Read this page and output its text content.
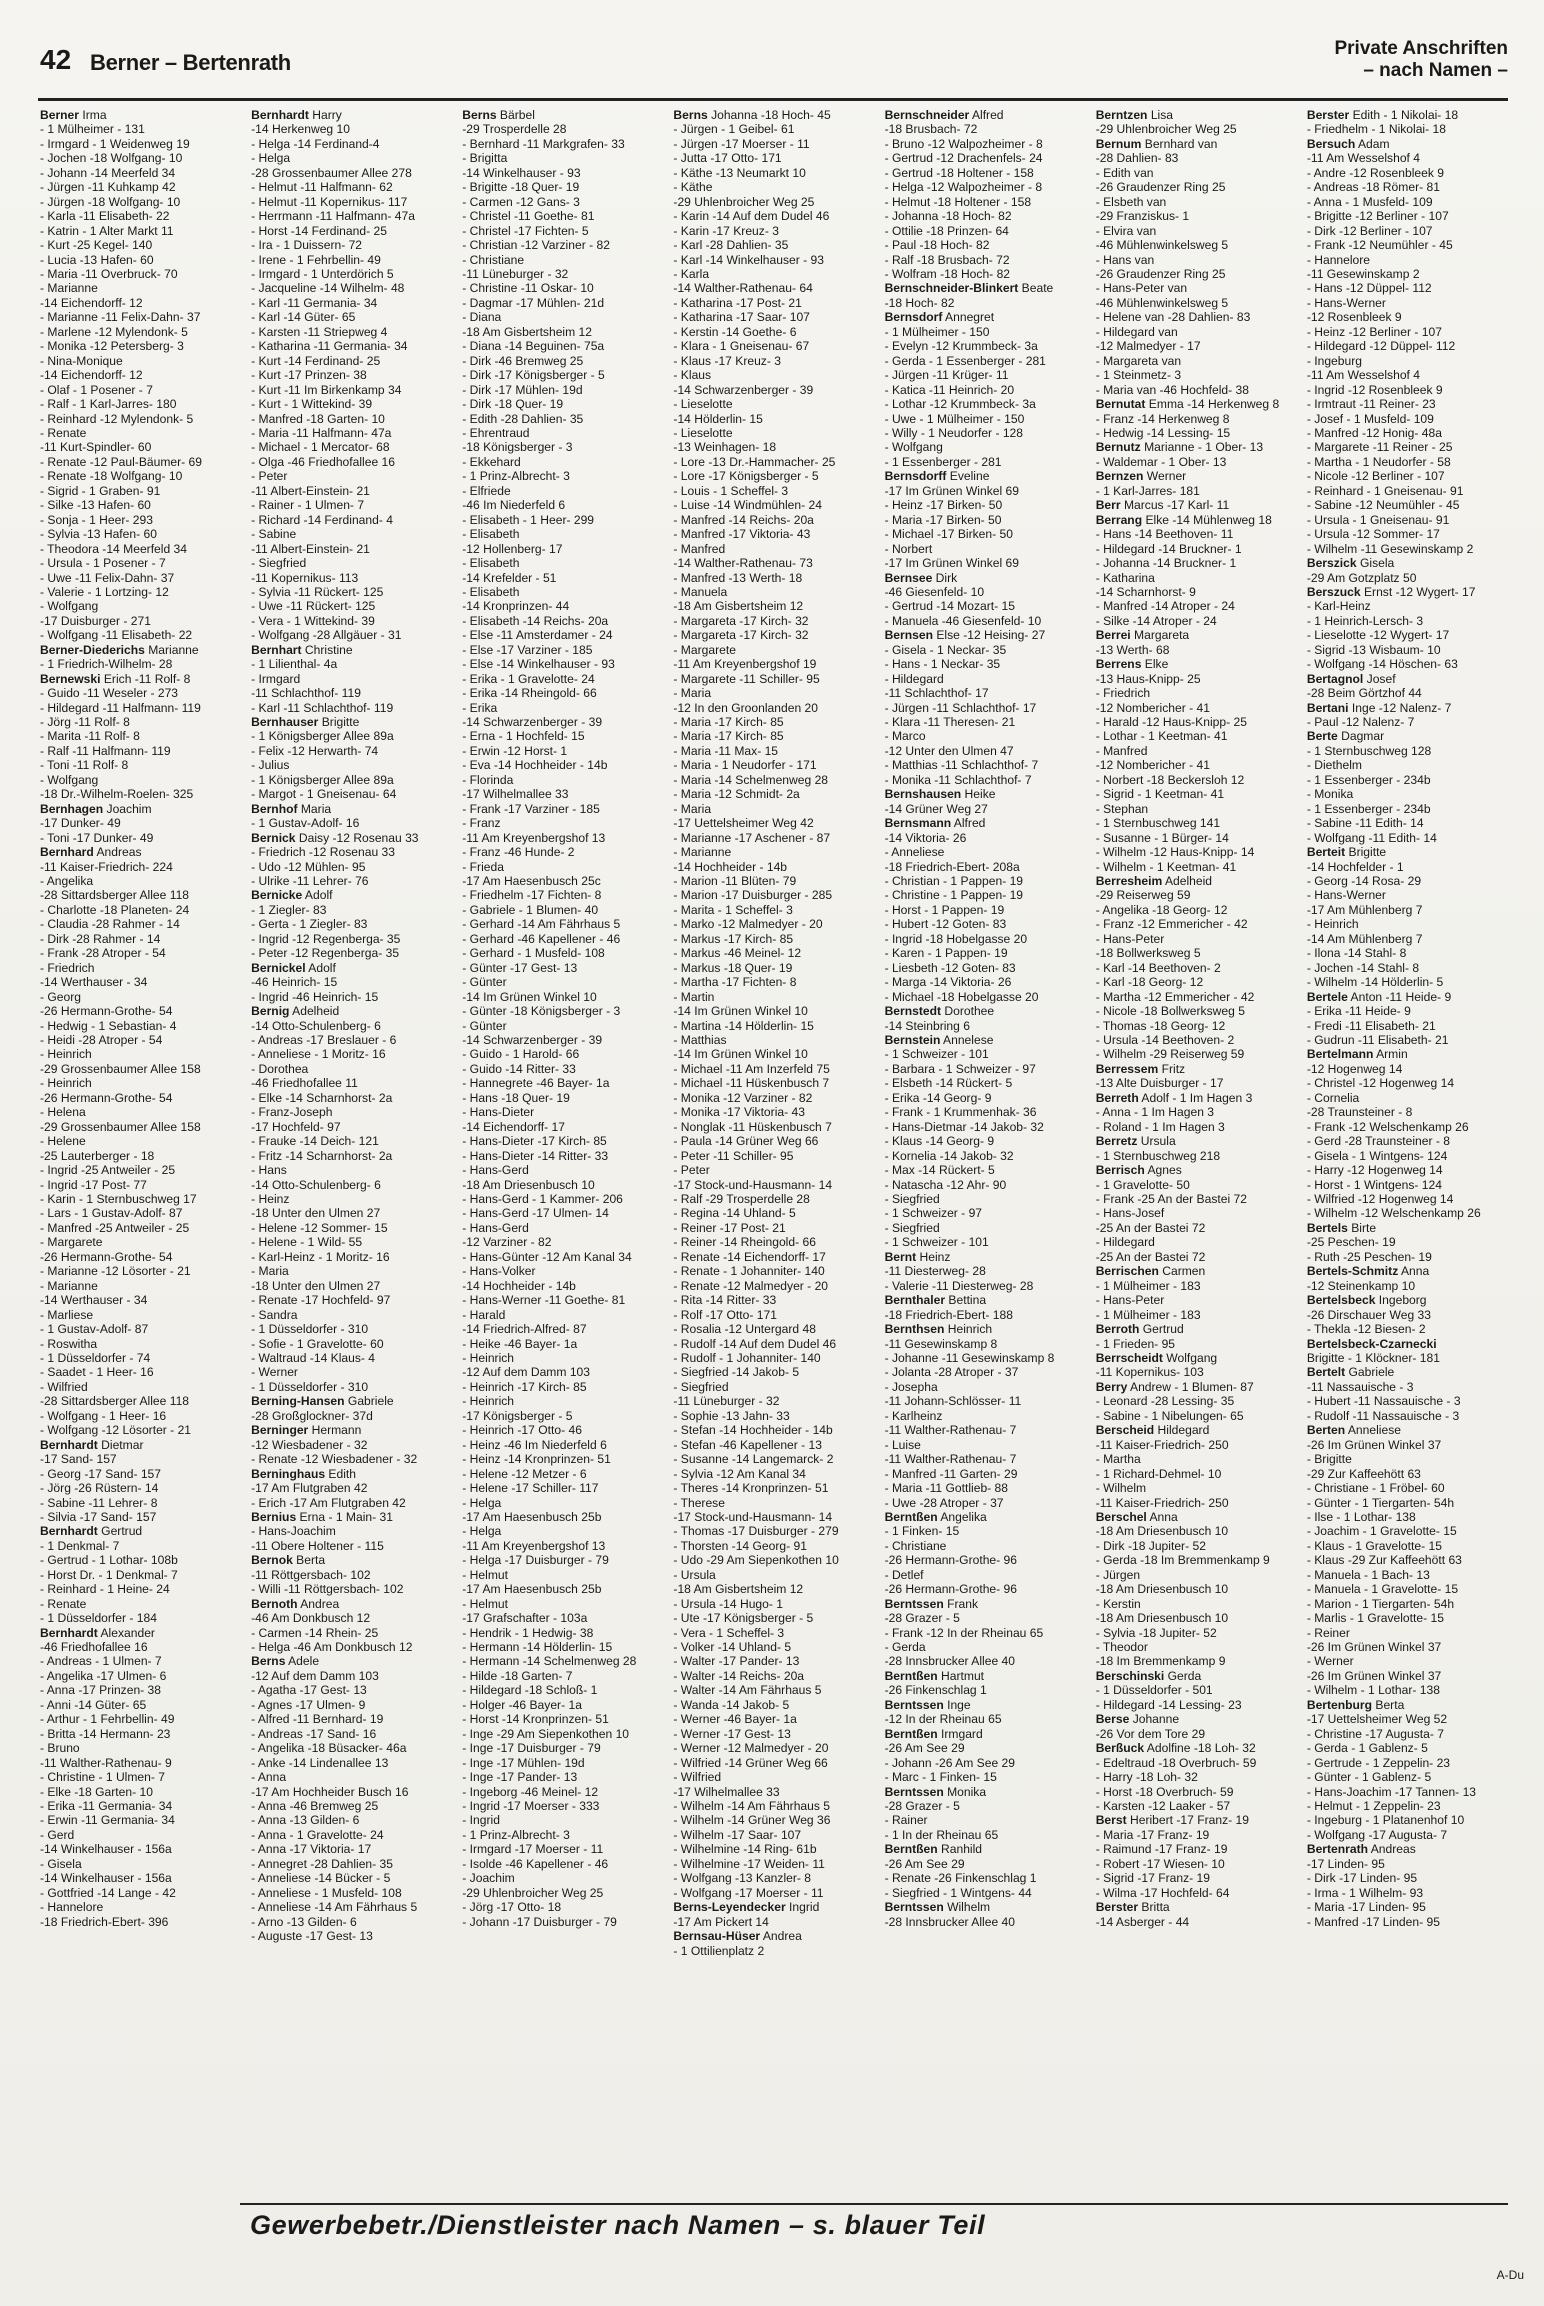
42 Berner – Bertenrath
Private Anschriften
– nach Namen –
Berner Irma
- 1 Mülheimer - 131
- Irmgard - 1 Weidenweg 19
- Jochen -18 Wolfgang- 10
- Johann -14 Meerfeld 34
- Jürgen -11 Kuhkamp 42
- Jürgen -18 Wolfgang- 10
- Karla -11 Elisabeth- 22
- Katrin - 1 Alter Markt 11
- Kurt -25 Kegel- 140
- Lucia -13 Hafen- 60
- Maria -11 Overbruck- 70
- Marianne
-14 Eichendorff- 12
- Marianne -11 Felix-Dahn- 37
- Marlene -12 Mylendonk- 5
- Monika -12 Petersberg- 3
- Nina-Monique
-14 Eichendorff- 12
- Olaf - 1 Posener - 7
- Ralf - 1 Karl-Jarres- 180
- Reinhard -12 Mylendonk- 5
- Renate
-11 Kurt-Spindler- 60
- Renate -12 Paul-Bäumer- 69
- Renate -18 Wolfgang- 10
- Sigrid - 1 Graben- 91
- Silke -13 Hafen- 60
- Sonja - 1 Heer- 293
- Sylvia -13 Hafen- 60
- Theodora -14 Meerfeld 34
- Ursula - 1 Posener - 7
- Uwe -11 Felix-Dahn- 37
- Valerie - 1 Lortzing- 12
- Wolfgang
-17 Duisburger - 271
- Wolfgang -11 Elisabeth- 22
Berner-Diederichs Marianne
- 1 Friedrich-Wilhelm- 28
Bernewski Erich -11 Rolf- 8
- Guido -11 Weseler - 273
- Hildegard -11 Halfmann- 119
- Jörg -11 Rolf- 8
- Marita -11 Rolf- 8
- Ralf -11 Halfmann- 119
- Toni -11 Rolf- 8
- Wolfgang
-18 Dr.-Wilhelm-Roelen- 325
Bernhagen Joachim
-17 Dunker- 49
- Toni -17 Dunker- 49
Bernhard Andreas
-11 Kaiser-Friedrich- 224
- Angelika
-28 Sittardsberger Allee 118
- Charlotte -18 Planeten- 24
- Claudia -28 Rahmer - 14
- Dirk -28 Rahmer - 14
- Frank -28 Atroper - 54
- Friedrich
-14 Werthauser - 34
- Georg
-26 Hermann-Grothe- 54
- Hedwig - 1 Sebastian- 4
- Heidi -28 Atroper - 54
- Heinrich
-29 Grossenbaumer Allee 158
- Heinrich
-26 Hermann-Grothe- 54
- Helena
-29 Grossenbaumer Allee 158
- Helene
-25 Lauterberger - 18
- Ingrid -25 Antweiler - 25
- Ingrid -17 Post- 77
- Karin - 1 Sternbuschweg 17
- Lars - 1 Gustav-Adolf- 87
- Manfred -25 Antweiler - 25
- Margarete
-26 Hermann-Grothe- 54
- Marianne -12 Lösorter - 21
- Marianne
-14 Werthauser - 34
- Marliese
- 1 Gustav-Adolf- 87
- Roswitha
- 1 Düsseldorfer - 74
- Saadet - 1 Heer- 16
- Wilfried
-28 Sittardsberger Allee 118
- Wolfgang - 1 Heer- 16
- Wolfgang -12 Lösorter - 21
Bernhardt Dietmar
-17 Sand- 157
- Georg -17 Sand- 157
- Jörg -26 Rüstern- 14
- Sabine -11 Lehrer- 8
- Silvia -17 Sand- 157
Bernhardt Gertrud
- 1 Denkmal- 7
- Gertrud - 1 Lothar- 108b
- Horst Dr. - 1 Denkmal- 7
- Reinhard - 1 Heine- 24
- Renate
- 1 Düsseldorfer - 184
Bernhardt Alexander
-46 Friedhofallee 16
- Andreas - 1 Ulmen- 7
- Angelika -17 Ulmen- 6
- Anna -17 Prinzen- 38
- Anni -14 Güter- 65
- Arthur - 1 Fehrbellin- 49
- Britta -14 Hermann- 23
- Bruno
-11 Walther-Rathenau- 9
- Christine - 1 Ulmen- 7
- Elke -18 Garten- 10
- Erika -11 Germania- 34
- Erwin -11 Germania- 34
- Gerd
-14 Winkelhauser - 156a
- Gisela
-14 Winkelhauser - 156a
- Gottfried -14 Lange - 42
- Hannelore
-18 Friedrich-Ebert- 396
Bernhardt Harry
-14 Herkenweg 10
- Helga -14 Ferdinand-4
- Helga
-28 Grossenbaumer Allee 278
- Helmut -11 Halfmann- 62
- Helmut -11 Kopernikus- 117
- Herrmann -11 Halfmann- 47a
- Horst -14 Ferdinand- 25
- Ira - 1 Duissern- 72
- Irene - 1 Fehrbellin- 49
- Irmgard - 1 Unterdörich 5
- Jacqueline -14 Wilhelm- 48
- Karl -11 Germania- 34
- Karl -14 Güter- 65
- Karsten -11 Striepweg 4
- Katharina -11 Germania- 34
- Kurt -14 Ferdinand- 25
- Kurt -17 Prinzen- 38
- Kurt -11 Im Birkenkamp 34
- Kurt - 1 Wittekind- 39
- Manfred -18 Garten- 10
- Maria -11 Halfmann- 47a
- Michael - 1 Mercator- 68
- Olga -46 Friedhofallee 16
- Peter
-11 Albert-Einstein- 21
- Rainer - 1 Ulmen- 7
- Richard -14 Ferdinand- 4
- Sabine
-11 Albert-Einstein- 21
- Siegfried
-11 Kopernikus- 113
- Sylvia -11 Rückert- 125
- Uwe -11 Rückert- 125
- Vera - 1 Wittekind- 39
- Wolfgang -28 Allgäuer - 31
Bernhart Christine
- 1 Lilienthal- 4a
- Irmgard
-11 Schlachthof- 119
- Karl -11 Schlachthof- 119
Bernhauser Brigitte
- 1 Königsberger Allee 89a
- Felix -12 Herwarth- 74
- Julius
- 1 Königsberger Allee 89a
- Margot - 1 Gneisenau- 64
Bernhof Maria
- 1 Gustav-Adolf- 16
Bernick Daisy -12 Rosenau 33
- Friedrich -12 Rosenau 33
- Udo -12 Mühlen- 95
- Ulrike -11 Lehrer- 76
Bernicke Adolf
- 1 Ziegler- 83
- Gerta - 1 Ziegler- 83
- Ingrid -12 Regenberga- 35
- Peter -12 Regenberga- 35
Bernickel Adolf
-46 Heinrich- 15
- Ingrid -46 Heinrich- 15
Bernig Adelheid
-14 Otto-Schulenberg- 6
- Andreas -17 Breslauer - 6
- Anneliese - 1 Moritz- 16
- Dorothea
-46 Friedhofallee 11
- Elke -14 Scharnhorst- 2a
- Franz-Joseph
-17 Hochfeld- 97
- Frauke -14 Deich- 121
- Fritz -14 Scharnhorst- 2a
- Hans
-14 Otto-Schulenberg- 6
- Heinz
-18 Unter den Ulmen 27
- Helene -12 Sommer- 15
- Helene - 1 Wild- 55
- Karl-Heinz - 1 Moritz- 16
- Maria
-18 Unter den Ulmen 27
- Renate -17 Hochfeld- 97
- Sandra
- 1 Düsseldorfer - 310
- Sofie - 1 Gravelotte- 60
- Waltraud -14 Klaus- 4
- Werner
- 1 Düsseldorfer - 310
Berning-Hansen Gabriele
-28 Großglockner- 37d
Berninger Hermann
-12 Wiesbadener - 32
- Renate -12 Wiesbadener - 32
Berninghaus Edith
-17 Am Flutgraben 42
- Erich -17 Am Flutgraben 42
Bernius Erna - 1 Main- 31
- Hans-Joachim
-11 Obere Holtener - 115
Bernok Berta
-11 Röttgersbach- 102
- Willi -11 Röttgersbach- 102
Bernoth Andrea
-46 Am Donkbusch 12
- Carmen -14 Rhein- 25
- Helga -46 Am Donkbusch 12
Berns Adele
-12 Auf dem Damm 103
- Agatha -17 Gest- 13
- Agnes -17 Ulmen- 9
- Alfred -11 Bernhard- 19
- Andreas -17 Sand- 16
- Angelika -18 Büsacker- 46a
- Anke -14 Lindenallee 13
- Anna
-17 Am Hochheider Busch 16
- Anna -46 Bremweg 25
- Anna -13 Gilden- 6
- Anna - 1 Gravelotte- 24
- Anna -17 Viktoria- 17
- Annegret -28 Dahlien- 35
- Anneliese -14 Bücker - 5
- Anneliese - 1 Musfeld- 108
- Anneliese -14 Am Fährhaus 5
- Arno -13 Gilden- 6
- Auguste -17 Gest- 13
Berns Bärbel
-29 Trosperdelle 28
- Bernhard -11 Markgrafen- 33
- Brigitta
-14 Winkelhauser - 93
- Brigitte -18 Quer- 19
- Carmen -12 Gans- 3
- Christel -11 Goethe- 81
- Christel -17 Fichten- 5
- Christian -12 Varziner - 82
- Christiane
-11 Lüneburger - 32
- Christine -11 Oskar- 10
- Dagmar -17 Mühlen- 21d
- Diana
-18 Am Gisbertsheim 12
- Diana -14 Beguinen- 75a
- Dirk -46 Bremweg 25
- Dirk -17 Königsberger - 5
- Dirk -17 Mühlen- 19d
- Dirk -18 Quer- 19
- Edith -28 Dahlien- 35
- Ehrentraud
-18 Königsberger - 3
- Ekkehard
- 1 Prinz-Albrecht- 3
- Elfriede
-46 Im Niederfeld 6
- Elisabeth - 1 Heer- 299
- Elisabeth
-12 Hollenberg- 17
- Elisabeth
-14 Krefelder - 51
- Elisabeth
-14 Kronprinzen- 44
- Elisabeth -14 Reichs- 20a
- Else -11 Amsterdamer - 24
- Else -17 Varziner - 185
- Else -14 Winkelhauser - 93
- Erika - 1 Gravelotte- 24
- Erika -14 Rheingold- 66
- Erika
-14 Schwarzenberger - 39
- Erna - 1 Hochfeld- 15
- Erwin -12 Horst- 1
- Eva -14 Hochheider - 14b
- Florinda
-17 Wilhelmallee 33
- Frank -17 Varziner - 185
- Franz
-11 Am Kreyenbergshof 13
- Franz -46 Hunde- 2
- Frieda
-17 Am Haesenbusch 25c
- Friedhelm -17 Fichten- 8
- Gabriele - 1 Blumen- 40
- Gerhard -14 Am Fährhaus 5
- Gerhard -46 Kapellener - 46
- Gerhard - 1 Musfeld- 108
- Günter -17 Gest- 13
- Günter
-14 Im Grünen Winkel 10
- Günter -18 Königsberger - 3
- Günter
-14 Schwarzenberger - 39
- Guido - 1 Harold- 66
- Guido -14 Ritter- 33
- Hannegrete -46 Bayer- 1a
- Hans -18 Quer- 19
- Hans-Dieter
-14 Eichendorff- 17
- Hans-Dieter -17 Kirch- 85
- Hans-Dieter -14 Ritter- 33
- Hans-Gerd
-18 Am Driesenbusch 10
- Hans-Gerd - 1 Kammer- 206
- Hans-Gerd -17 Ulmen- 14
- Hans-Gerd
-12 Varziner - 82
- Hans-Günter -12 Am Kanal 34
- Hans-Volker
-14 Hochheider - 14b
- Hans-Werner -11 Goethe- 81
- Harald
-14 Friedrich-Alfred- 87
- Heike -46 Bayer- 1a
- Heinrich
-12 Auf dem Damm 103
- Heinrich -17 Kirch- 85
- Heinrich
-17 Königsberger - 5
- Heinrich -17 Otto- 46
- Heinz -46 Im Niederfeld 6
- Heinz -14 Kronprinzen- 51
- Helene -12 Metzer - 6
- Helene -17 Schiller- 117
- Helga
-17 Am Haesenbusch 25b
- Helga
-11 Am Kreyenbergshof 13
- Helga -17 Duisburger - 79
- Helmut
-17 Am Haesenbusch 25b
- Helmut
-17 Grafschafter - 103a
- Hendrik - 1 Hedwig- 38
- Hermann -14 Hölderlin- 15
- Hermann -14 Schelmenweg 28
- Hilde -18 Garten- 7
- Hildegard -18 Schloß- 1
- Holger -46 Bayer- 1a
- Horst -14 Kronprinzen- 51
- Inge -29 Am Siepenkothen 10
- Inge -17 Duisburger - 79
- Inge -17 Mühlen- 19d
- Inge -17 Pander- 13
- Ingeborg -46 Meinel- 12
- Ingrid -17 Moerser - 333
- Ingrid
- 1 Prinz-Albrecht- 3
- Irmgard -17 Moerser - 11
- Isolde -46 Kapellener - 46
- Joachim
-29 Uhlenbroicher Weg 25
- Jörg -17 Otto- 18
- Johann -17 Duisburger - 79
Berns Johanna -18 Hoch- 45
- Jürgen - 1 Geibel- 61
- Jürgen -17 Moerser - 11
- Jutta -17 Otto- 171
- Käthe -13 Neumarkt 10
- Käthe
-29 Uhlenbroicher Weg 25
- Karin -14 Auf dem Dudel 46
- Karin -17 Kreuz- 3
- Karl -28 Dahlien- 35
- Karl -14 Winkelhauser - 93
- Karla
-14 Walther-Rathenau- 64
- Katharina -17 Post- 21
- Katharina -17 Saar- 107
- Kerstin -14 Goethe- 6
- Klara - 1 Gneisenau- 67
- Klaus -17 Kreuz- 3
- Klaus
-14 Schwarzenberger - 39
- Lieselotte
-14 Hölderlin- 15
- Lieselotte
-13 Weinhagen- 18
- Lore -13 Dr.-Hammacher- 25
- Lore -17 Königsberger - 5
- Louis - 1 Scheffel- 3
- Luise -14 Windmühlen- 24
- Manfred -14 Reichs- 20a
- Manfred -17 Viktoria- 43
- Manfred
-14 Walther-Rathenau- 73
- Manfred -13 Werth- 18
- Manuela
-18 Am Gisbertsheim 12
- Margareta -17 Kirch- 32
- Margareta -17 Kirch- 32
- Margarete
-11 Am Kreyenbergshof 19
- Margarete -11 Schiller- 95
- Maria
-12 In den Groonlanden 20
- Maria -17 Kirch- 85
- Maria -17 Kirch- 85
- Maria -11 Max- 15
- Maria - 1 Neudorfer - 171
- Maria -14 Schelmenweg 28
- Maria -12 Schmidt- 2a
- Maria
-17 Uettelsheimer Weg 42
- Marianne -17 Aschener - 87
- Marianne
-14 Hochheider - 14b
- Marion -11 Blüten- 79
- Marion -17 Duisburger - 285
- Marita - 1 Scheffel- 3
- Marko -12 Malmedyer - 20
- Markus -17 Kirch- 85
- Markus -46 Meinel- 12
- Markus -18 Quer- 19
- Martha -17 Fichten- 8
- Martin
-14 Im Grünen Winkel 10
- Martina -14 Hölderlin- 15
- Matthias
-14 Im Grünen Winkel 10
- Michael -11 Am Inzerfeld 75
- Michael -11 Hüskenbusch 7
- Monika -12 Varziner - 82
- Monika -17 Viktoria- 43
- Nonglak -11 Hüskenbusch 7
- Paula -14 Grüner Weg 66
- Peter -11 Schiller- 95
- Peter
-17 Stock-und-Hausmann- 14
- Ralf -29 Trosperdelle 28
- Regina -14 Uhland- 5
- Reiner -17 Post- 21
- Reiner -14 Rheingold- 66
- Renate -14 Eichendorff- 17
- Renate - 1 Johanniter- 140
- Renate -12 Malmedyer - 20
- Rita -14 Ritter- 33
- Rolf -17 Otto- 171
- Rosalia -12 Untergard 48
- Rudolf -14 Auf dem Dudel 46
- Rudolf - 1 Johanniter- 140
- Siegfried -14 Jakob- 5
- Siegfried
-11 Lüneburger - 32
- Sophie -13 Jahn- 33
- Stefan -14 Hochheider - 14b
- Stefan -46 Kapellener - 13
- Susanne -14 Langemarck- 2
- Sylvia -12 Am Kanal 34
- Theres -14 Kronprinzen- 51
- Therese
-17 Stock-und-Hausmann- 14
- Thomas -17 Duisburger - 279
- Thorsten -14 Georg- 91
- Udo -29 Am Siepenkothen 10
- Ursula
-18 Am Gisbertsheim 12
- Ursula -14 Hugo- 1
- Ute -17 Königsberger - 5
- Vera - 1 Scheffel- 3
- Volker -14 Uhland- 5
- Walter -17 Pander- 13
- Walter -14 Reichs- 20a
- Walter -14 Am Fährhaus 5
- Wanda -14 Jakob- 5
- Werner -46 Bayer- 1a
- Werner -17 Gest- 13
- Werner -12 Malmedyer - 20
- Wilfried -14 Grüner Weg 66
- Wilfried
-17 Wilhelmallee 33
- Wilhelm -14 Am Fährhaus 5
- Wilhelm -14 Grüner Weg 36
- Wilhelm -17 Saar- 107
- Wilhelmine -14 Ring- 61b
- Wilhelmine -17 Weiden- 11
- Wolfgang -13 Kanzler- 8
- Wolfgang -17 Moerser - 11
Berns-Leyendecker Ingrid
-17 Am Pickert 14
Bernsau-Hüser Andrea
- 1 Ottilienplatz 2
Bernschneider Alfred
-18 Brusbach- 72
- Bruno -12 Walpozheimer - 8
- Gertrud -12 Drachenfels- 24
- Gertrud -18 Holtener - 158
- Helga -12 Walpozheimer - 8
- Helmut -18 Holtener - 158
- Johanna -18 Hoch- 82
- Ottilie -18 Prinzen- 64
- Paul -18 Hoch- 82
- Ralf -18 Brusbach- 72
- Wolfram -18 Hoch- 82
Bernschneider-Blinkert Beate
-18 Hoch- 82
Bernsdorf Annegret
- 1 Mülheimer - 150
- Evelyn -12 Krummbeck- 3a
- Gerda - 1 Essenberger - 281
- Jürgen -11 Krüger- 11
- Katica -11 Heinrich- 20
- Lothar -12 Krummbeck- 3a
- Uwe - 1 Mülheimer - 150
- Willy - 1 Neudorfer - 128
- Wolfgang
- 1 Essenberger - 281
Bernsdorff Eveline
-17 Im Grünen Winkel 69
- Heinz -17 Birken- 50
- Maria -17 Birken- 50
- Michael -17 Birken- 50
- Norbert
-17 Im Grünen Winkel 69
Bernsee Dirk
-46 Giesenfeld- 10
- Gertrud -14 Mozart- 15
- Manuela -46 Giesenfeld- 10
Bernsen Else -12 Heising- 27
- Gisela - 1 Neckar- 35
- Hans - 1 Neckar- 35
- Hildegard
-11 Schlachthof- 17
- Jürgen -11 Schlachthof- 17
- Klara -11 Theresen- 21
- Marco
-12 Unter den Ulmen 47
- Matthias -11 Schlachthof- 7
- Monika -11 Schlachthof- 7
Bernshausen Heike
-14 Grüner Weg 27
Bernsmann Alfred
-14 Viktoria- 26
- Anneliese
-18 Friedrich-Ebert- 208a
- Christian - 1 Pappen- 19
- Christine - 1 Pappen- 19
- Horst - 1 Pappen- 19
- Hubert -12 Goten- 83
- Ingrid -18 Hobelgasse 20
- Karen - 1 Pappen- 19
- Liesbeth -12 Goten- 83
- Marga -14 Viktoria- 26
- Michael -18 Hobelgasse 20
Bernstedt Dorothee
-14 Steinbring 6
Bernstein Annelese
- 1 Schweizer - 101
- Barbara - 1 Schweizer - 97
- Elsbeth -14 Rückert- 5
- Erika -14 Georg- 9
- Frank - 1 Krummenhak- 36
- Hans-Dietmar -14 Jakob- 32
- Klaus -14 Georg- 9
- Kornelia -14 Jakob- 32
- Max -14 Rückert- 5
- Natascha -12 Ahr- 90
- Siegfried
- 1 Schweizer - 97
- Siegfried
- 1 Schweizer - 101
Bernt Heinz
-11 Diesterweg- 28
- Valerie -11 Diesterweg- 28
Bernthaler Bettina
-18 Friedrich-Ebert- 188
Bernthsen Heinrich
-11 Gesewinskamp 8
- Johanne -11 Gesewinskamp 8
- Jolanta -28 Atroper - 37
- Josepha
-11 Johann-Schlösser- 11
- Karlheinz
-11 Walther-Rathenau- 7
- Luise
-11 Walther-Rathenau- 7
- Manfred -11 Garten- 29
- Maria -11 Gottlieb- 88
- Uwe -28 Atroper - 37
Berntßen Angelika
- 1 Finken- 15
- Christiane
-26 Hermann-Grothe- 96
- Detlef
-26 Hermann-Grothe- 96
Berntssen Frank
-28 Grazer - 5
- Frank -12 In der Rheinau 65
- Gerda
-28 Innsbrucker Allee 40
Berntßen Hartmut
-26 Finkenschlag 1
Berntssen Inge
-12 In der Rheinau 65
Berntßen Irmgard
-26 Am See 29
- Johann -26 Am See 29
- Marc - 1 Finken- 15
Berntssen Monika
-28 Grazer - 5
- Rainer
- 1 In der Rheinau 65
Berntßen Ranhild
-26 Am See 29
- Renate -26 Finkenschlag 1
- Siegfried - 1 Wintgens- 44
Berntssen Wilhelm
-28 Innsbrucker Allee 40
Berntzen Lisa
-29 Uhlenbroicher Weg 25
Bernum Bernhard van
-28 Dahlien- 83
- Edith van
-26 Graudenzer Ring 25
- Elsbeth van
-29 Franziskus- 1
- Elvira van
-46 Mühlenwinkelsweg 5
- Hans van
-26 Graudenzer Ring 25
- Hans-Peter van
-46 Mühlenwinkelsweg 5
- Helene van -28 Dahlien- 83
- Hildegard van
-12 Malmedyer - 17
- Margareta van
- 1 Steinmetz- 3
- Maria van -46 Hochfeld- 38
Bernutat Emma -14 Herkenweg 8
- Franz -14 Herkenweg 8
- Hedwig -14 Lessing- 15
Bernutz Marianne - 1 Ober- 13
- Waldemar - 1 Ober- 13
Bernzen Werner
- 1 Karl-Jarres- 181
Berr Marcus -17 Karl- 11
Berrang Elke -14 Mühlenweg 18
- Hans -14 Beethoven- 11
- Hildegard -14 Bruckner- 1
- Johanna -14 Bruckner- 1
- Katharina
-14 Scharnhorst- 9
- Manfred -14 Atroper - 24
- Silke -14 Atroper - 24
Berrei Margareta
-13 Werth- 68
Berrens Elke
-13 Haus-Knipp- 25
- Friedrich
-12 Nombericher - 41
- Harald -12 Haus-Knipp- 25
- Lothar - 1 Keetman- 41
- Manfred
-12 Nombericher - 41
- Norbert -18 Beckersloh 12
- Sigrid - 1 Keetman- 41
- Stephan
- 1 Sternbuschweg 141
- Susanne - 1 Bürger- 14
- Wilhelm -12 Haus-Knipp- 14
- Wilhelm - 1 Keetman- 41
Berresheim Adelheid
-29 Reiserweg 59
- Angelika -18 Georg- 12
- Franz -12 Emmericher - 42
- Hans-Peter
-18 Bollwerksweg 5
- Karl -14 Beethoven- 2
- Karl -18 Georg- 12
- Martha -12 Emmericher - 42
- Nicole -18 Bollwerksweg 5
- Thomas -18 Georg- 12
- Ursula -14 Beethoven- 2
- Wilhelm -29 Reiserweg 59
Berressem Fritz
-13 Alte Duisburger - 17
Berreth Adolf - 1 Im Hagen 3
- Anna - 1 Im Hagen 3
- Roland - 1 Im Hagen 3
Berretz Ursula
- 1 Sternbuschweg 218
Berrisch Agnes
- 1 Gravelotte- 50
- Frank -25 An der Bastei 72
- Hans-Josef
-25 An der Bastei 72
- Hildegard
-25 An der Bastei 72
Berrischen Carmen
- 1 Mülheimer - 183
- Hans-Peter
- 1 Mülheimer - 183
Berroth Gertrud
- 1 Frieden- 95
Berrscheidt Wolfgang
-11 Kopernikus- 103
Berry Andrew - 1 Blumen- 87
- Leonard -28 Lessing- 35
- Sabine - 1 Nibelungen- 65
Berscheid Hildegard
-11 Kaiser-Friedrich- 250
- Martha
- 1 Richard-Dehmel- 10
- Wilhelm
-11 Kaiser-Friedrich- 250
Berschel Anna
-18 Am Driesenbusch 10
- Dirk -18 Jupiter- 52
- Gerda -18 Im Bremmenkamp 9
- Jürgen
-18 Am Driesenbusch 10
- Kerstin
-18 Am Driesenbusch 10
- Sylvia -18 Jupiter- 52
- Theodor
-18 Im Bremmenkamp 9
Berschinski Gerda
- 1 Düsseldorfer - 501
- Hildegard -14 Lessing- 23
Berse Johanne
-26 Vor dem Tore 29
Berßuck Adolfine -18 Loh- 32
- Edeltraud -18 Overbruch- 59
- Harry -18 Loh- 32
- Horst -18 Overbruch- 59
- Karsten -12 Laaker - 57
Berst Heribert -17 Franz- 19
- Maria -17 Franz- 19
- Raimund -17 Franz- 19
- Robert -17 Wiesen- 10
- Sigrid -17 Franz- 19
- Wilma -17 Hochfeld- 64
Berster Britta
-14 Asberger - 44
Berster Edith - 1 Nikolai- 18
- Friedhelm - 1 Nikolai- 18
Bersuch Adam
-11 Am Wesselshof 4
- Andre -12 Rosenbleek 9
- Andreas -18 Römer- 81
- Anna - 1 Musfeld- 109
- Brigitte -12 Berliner - 107
- Dirk -12 Berliner - 107
- Frank -12 Neumühler - 45
- Hannelore
-11 Gesewinskamp 2
- Hans -12 Düppel- 112
- Hans-Werner
-12 Rosenbleek 9
- Heinz -12 Berliner - 107
- Hildegard -12 Düppel- 112
- Ingeburg
-11 Am Wesselshof 4
- Ingrid -12 Rosenbleek 9
- Irmtraut -11 Reiner- 23
- Josef - 1 Musfeld- 109
- Manfred -12 Honig- 48a
- Margarete -11 Reiner - 25
- Martha - 1 Neudorfer - 58
- Nicole -12 Berliner - 107
- Reinhard - 1 Gneisenau- 91
- Sabine -12 Neumühler - 45
- Ursula - 1 Gneisenau- 91
- Ursula -12 Sommer- 17
- Wilhelm -11 Gesewinskamp 2
Berszick Gisela
-29 Am Gotzplatz 50
Berszuck Ernst -12 Wygert- 17
- Karl-Heinz
- 1 Heinrich-Lersch- 3
- Lieselotte -12 Wygert- 17
- Sigrid -13 Wisbaum- 10
- Wolfgang -14 Höschen- 63
Bertagnol Josef
-28 Beim Görtzhof 44
Bertani Inge -12 Nalenz- 7
- Paul -12 Nalenz- 7
Berte Dagmar
- 1 Sternbuschweg 128
- Diethelm
- 1 Essenberger - 234b
- Monika
- 1 Essenberger - 234b
- Sabine -11 Edith- 14
- Wolfgang -11 Edith- 14
Berteit Brigitte
-14 Hochfelder - 1
- Georg -14 Rosa- 29
- Hans-Werner
-17 Am Mühlenberg 7
- Heinrich
-14 Am Mühlenberg 7
- Ilona -14 Stahl- 8
- Jochen -14 Stahl- 8
- Wilhelm -14 Hölderlin- 5
Bertele Anton -11 Heide- 9
- Erika -11 Heide- 9
- Fredi -11 Elisabeth- 21
- Gudrun -11 Elisabeth- 21
Bertelmann Armin
-12 Hogenweg 14
- Christel -12 Hogenweg 14
- Cornelia
-28 Traunsteiner - 8
- Frank -12 Welschenkamp 26
- Gerd -28 Traunsteiner - 8
- Gisela - 1 Wintgens- 124
- Harry -12 Hogenweg 14
- Horst - 1 Wintgens- 124
- Wilfried -12 Hogenweg 14
- Wilhelm -12 Welschenkamp 26
Bertels Birte
-25 Peschen- 19
- Ruth -25 Peschen- 19
Bertels-Schmitz Anna
-12 Steinenkamp 10
Bertelsbeck Ingeborg
-26 Dirschauer Weg 33
- Thekla -12 Biesen- 2
Bertelsbeck-Czarnecki
Brigitte - 1 Klöckner- 181
Bertelt Gabriele
-11 Nassauische - 3
- Hubert -11 Nassauische - 3
- Rudolf -11 Nassauische - 3
Berten Anneliese
-26 Im Grünen Winkel 37
- Brigitte
-29 Zur Kaffeehött 63
- Christiane - 1 Fröbel- 60
- Günter - 1 Tiergarten- 54h
- Ilse - 1 Lothar- 138
- Joachim - 1 Gravelotte- 15
- Klaus - 1 Gravelotte- 15
- Klaus -29 Zur Kaffeehött 63
- Manuela - 1 Bach- 13
- Manuela - 1 Gravelotte- 15
- Marion - 1 Tiergarten- 54h
- Marlis - 1 Gravelotte- 15
- Reiner
-26 Im Grünen Winkel 37
- Werner
-26 Im Grünen Winkel 37
- Wilhelm - 1 Lothar- 138
Bertenburg Berta
-17 Uettelsheimer Weg 52
- Christine -17 Augusta- 7
- Gerda - 1 Gablenz- 5
- Gertrude - 1 Zeppelin- 23
- Günter - 1 Gablenz- 5
- Hans-Joachim -17 Tannen- 13
- Helmut - 1 Zeppelin- 23
- Ingeburg - 1 Platanenhof 10
- Wolfgang -17 Augusta- 7
Bertenrath Andreas
-17 Linden- 95
- Dirk -17 Linden- 95
- Irma - 1 Wilhelm- 93
- Maria -17 Linden- 95
- Manfred -17 Linden- 95
Gewerbebetr./Dienstleister nach Namen – s. blauer Teil
A-Du
